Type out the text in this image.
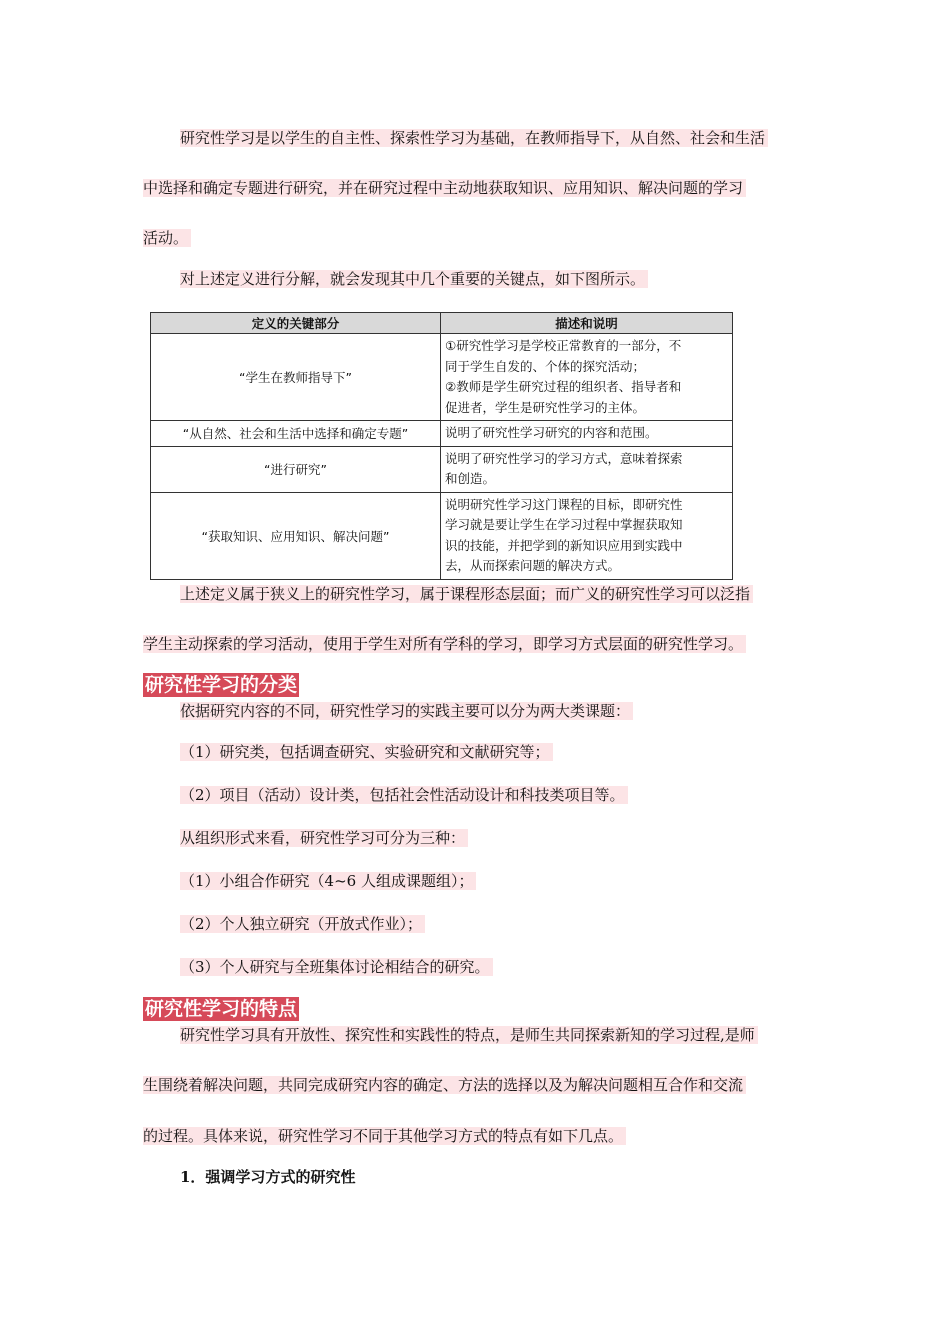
研究性学习是以学生的自主性、探索性学习为基础，在教师指导下，从自然、社会和生活
中选择和确定专题进行研究，并在研究过程中主动地获取知识、应用知识、解决问题的学习
活动。
对上述定义进行分解，就会发现其中几个重要的关键点，如下图所示。
定义的关键部分	描述和说明
“学生在教师指导下”	①研究性学习是学校正常教育的一部分，不
同于学生自发的、个体的探究活动；
②教师是学生研究过程的组织者、指导者和
促进者，学生是研究性学习的主体。

“从自然、社会和生活中选择和确定专题”	说明了研究性学习研究的内容和范围。

“进行研究”	说明了研究性学习的学习方式，意味着探索
和创造。

“获取知识、应用知识、解决问题”	说明研究性学习这门课程的目标，即研究性
学习就是要让学生在学习过程中掌握获取知
识的技能，并把学到的新知识应用到实践中
去，从而探索问题的解决方式。
上述定义属于狭义上的研究性学习，属于课程形态层面；而广义的研究性学习可以泛指
学生主动探索的学习活动，使用于学生对所有学科的学习，即学习方式层面的研究性学习。
研究性学习的分类
依据研究内容的不同，研究性学习的实践主要可以分为两大类课题：
（1）研究类，包括调查研究、实验研究和文献研究等；
（2）项目（活动）设计类，包括社会性活动设计和科技类项目等。
从组织形式来看，研究性学习可分为三种：
（1）小组合作研究（4~6 人组成课题组）；
（2）个人独立研究（开放式作业）；
（3）个人研究与全班集体讨论相结合的研究。
研究性学习的特点
研究性学习具有开放性、探究性和实践性的特点，是师生共同探索新知的学习过程,是师
生围绕着解决问题，共同完成研究内容的确定、方法的选择以及为解决问题相互合作和交流
的过程。具体来说，研究性学习不同于其他学习方式的特点有如下几点。
1．强调学习方式的研究性
